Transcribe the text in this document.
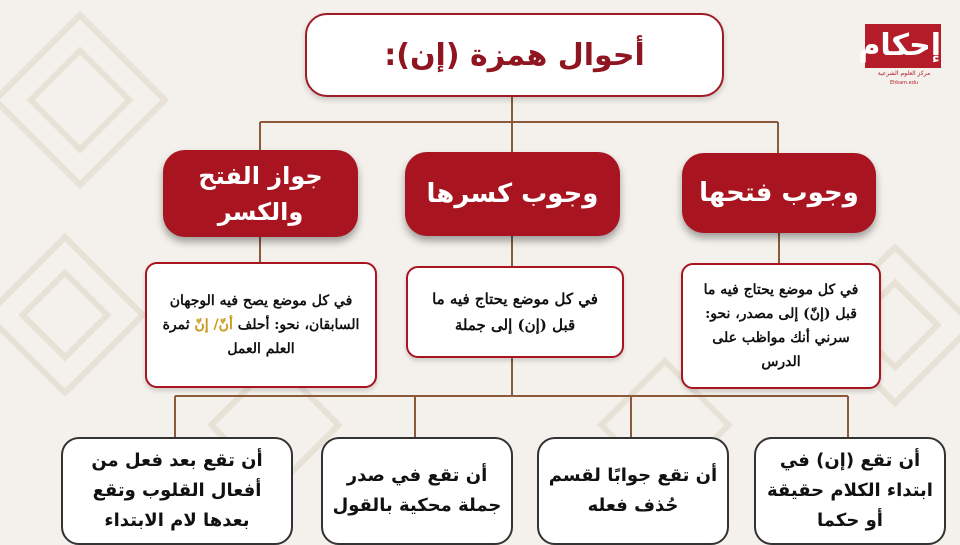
إحكام
مركز العلوم الشرعية
Ehkam.edu
أحوال همزة (إن):
وجوب فتحها
وجوب كسرها
جواز الفتح والكسر
في كل موضع يحتاج فيه ما قبل (إنّ) إلى مصدر، نحو: سرني أنك مواظب على الدرس
في كل موضع يحتاج فيه ما قبل (إن) إلى جملة
في كل موضع يصح فيه الوجهان السابقان، نحو: أحلف أنّ/ إنّ ثمرة العلم العمل
أن تقع (إن) في ابتداء الكلام حقيقة أو حكما
أن تقع جوابًا لقسم حُذف فعله
أن تقع في صدر جملة محكية بالقول
أن تقع بعد فعل من أفعال القلوب وتقع بعدها لام الابتداء
